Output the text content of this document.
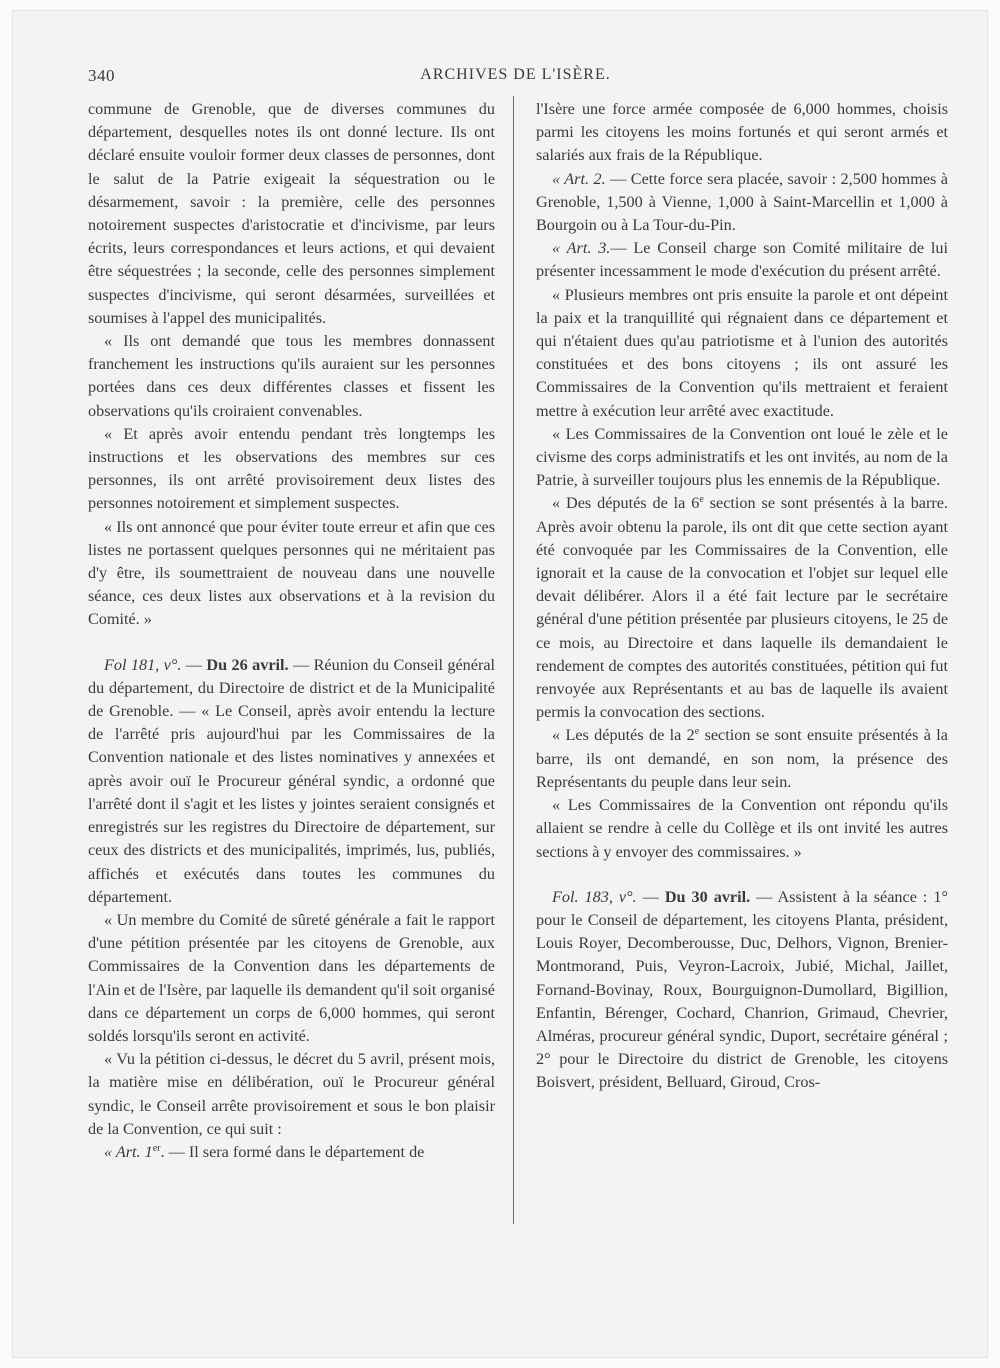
340	ARCHIVES DE L'ISÈRE.

commune de Grenoble, que de diverses communes du département, desquelles notes ils ont donné lecture. Ils ont déclaré ensuite vouloir former deux classes de personnes, dont le salut de la Patrie exigeait la séquestration ou le désarmement, savoir : la première, celle des personnes notoirement suspectes d'aristocratie et d'incivisme, par leurs écrits, leurs correspondances et leurs actions, et qui devaient être séquestrées ; la seconde, celle des personnes simplement suspectes d'incivisme, qui seront désarmées, surveillées et soumises à l'appel des municipalités.

« Ils ont demandé que tous les membres donnassent franchement les instructions qu'ils auraient sur les personnes portées dans ces deux différentes classes et fissent les observations qu'ils croiraient convenables.

« Et après avoir entendu pendant très longtemps les instructions et les observations des membres sur ces personnes, ils ont arrêté provisoirement deux listes des personnes notoirement et simplement suspectes.

« Ils ont annoncé que pour éviter toute erreur et afin que ces listes ne portassent quelques personnes qui ne méritaient pas d'y être, ils soumettraient de nouveau dans une nouvelle séance, ces deux listes aux observations et à la revision du Comité. »

Fol 181, v°. — Du 26 avril. — Réunion du Conseil général du département, du Directoire de district et de la Municipalité de Grenoble. — « Le Conseil, après avoir entendu la lecture de l'arrêté pris aujourd'hui par les Commissaires de la Convention nationale et des listes nominatives y annexées et après avoir ouï le Procureur général syndic, a ordonné que l'arrêté dont il s'agit et les listes y jointes seraient consignés et enregistrés sur les registres du Directoire de département, sur ceux des districts et des municipalités, imprimés, lus, publiés, affichés et exécutés dans toutes les communes du département.

« Un membre du Comité de sûreté générale a fait le rapport d'une pétition présentée par les citoyens de Grenoble, aux Commissaires de la Convention dans les départements de l'Ain et de l'Isère, par laquelle ils demandent qu'il soit organisé dans ce département un corps de 6,000 hommes, qui seront soldés lorsqu'ils seront en activité.

« Vu la pétition ci-dessus, le décret du 5 avril, présent mois, la matière mise en délibération, ouï le Procureur général syndic, le Conseil arrête provisoirement et sous le bon plaisir de la Convention, ce qui suit :

« Art. 1er. — Il sera formé dans le département de

l'Isère une force armée composée de 6,000 hommes, choisis parmi les citoyens les moins fortunés et qui seront armés et salariés aux frais de la République.

« Art. 2. — Cette force sera placée, savoir : 2,500 hommes à Grenoble, 1,500 à Vienne, 1,000 à Saint-Marcellin et 1,000 à Bourgoin ou à La Tour-du-Pin.

« Art. 3.— Le Conseil charge son Comité militaire de lui présenter incessamment le mode d'exécution du présent arrêté.

« Plusieurs membres ont pris ensuite la parole et ont dépeint la paix et la tranquillité qui régnaient dans ce département et qui n'étaient dues qu'au patriotisme et à l'union des autorités constituées et des bons citoyens ; ils ont assuré les Commissaires de la Convention qu'ils mettraient et feraient mettre à exécution leur arrêté avec exactitude.

« Les Commissaires de la Convention ont loué le zèle et le civisme des corps administratifs et les ont invités, au nom de la Patrie, à surveiller toujours plus les ennemis de la République.

« Des députés de la 6e section se sont présentés à la barre. Après avoir obtenu la parole, ils ont dit que cette section ayant été convoquée par les Commissaires de la Convention, elle ignorait et la cause de la convocation et l'objet sur lequel elle devait délibérer. Alors il a été fait lecture par le secrétaire général d'une pétition présentée par plusieurs citoyens, le 25 de ce mois, au Directoire et dans laquelle ils demandaient le rendement de comptes des autorités constituées, pétition qui fut renvoyée aux Représentants et au bas de laquelle ils avaient permis la convocation des sections.

« Les députés de la 2e section se sont ensuite présentés à la barre, ils ont demandé, en son nom, la présence des Représentants du peuple dans leur sein.

« Les Commissaires de la Convention ont répondu qu'ils allaient se rendre à celle du Collège et ils ont invité les autres sections à y envoyer des commissaires. »

Fol. 183, v°. — Du 30 avril. — Assistent à la séance : 1° pour le Conseil de département, les citoyens Planta, président, Louis Royer, Decomberousse, Duc, Delhors, Vignon, Brenier-Montmorand, Puis, Veyron-Lacroix, Jubié, Michal, Jaillet, Fornand-Bovinay, Roux, Bourguignon-Dumollard, Bigillion, Enfantin, Bérenger, Cochard, Chanrion, Grimaud, Chevrier, Alméras, procureur général syndic, Duport, secrétaire général ; 2° pour le Directoire du district de Grenoble, les citoyens Boisvert, président, Belluard, Giroud, Cros-
